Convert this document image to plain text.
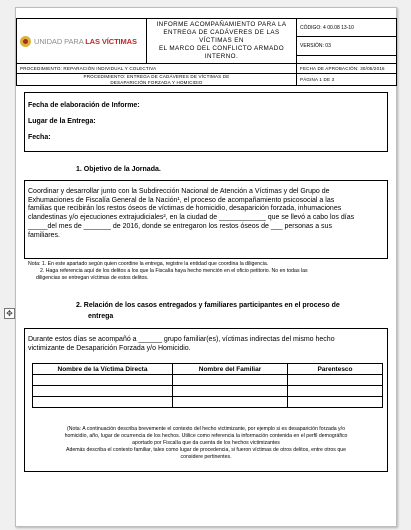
UNIDAD PARA LAS VÍCTIMAS	INFORME ACOMPAÑAMIENTO PARA LA
ENTREGA DE CADÁVERES DE LAS VÍCTIMAS EN
EL MARCO DEL CONFLICTO ARMADO INTERNO.	CÓDIGO: 4 00.08 13-10
		VERSIÓN: 03

PROCEDIMIENTO: REPARACIÓN INDIVIDUAL Y COLECTIVA		FECHA DE APROBACIÓN: 30/05/2016
PROCEDIMIENTO: ENTREGA DE CADÁVERES DE VÍCTIMAS DE
DESAPARICIÓN FORZADA Y HOMICIDIO		PÁGINA 1 DE 3
Fecha de elaboración de Informe:
Lugar de la Entrega:
Fecha:
1. Objetivo de la Jornada.
Coordinar y desarrollar junto con la Subdirección Nacional de Atención a Víctimas y del Grupo de
Exhumaciones de Fiscalía General de la Nación¹, el proceso de acompañamiento psicosocial a las
familias que recibirán los restos óseos de víctimas de homicidio, desaparición forzada, inhumaciones
clandestinas y/o ejecuciones extrajudiciales², en la ciudad de ____________ que se llevó a cabo los días
_____del mes de _______ de 2016, donde se entregaron los restos óseos de ___ personas a sus
familiares.
Nota: 1. En este apartado según quien coordine la entrega, registre la entidad que coordina la diligencia.
2. Haga referencia aquí de los delitos a los que la Fiscalía haya hecho mención en el oficio petitorio. No en todas las
diligencias se entregan víctimas de estos delitos.
2. Relación de los casos entregados y familiares participantes en el proceso de
entrega
Durante estos días se acompañó a ______ grupo familiar(es), víctimas indirectas del mismo hecho
victimizante de Desaparición Forzada y/o Homicidio.
Nombre de la Víctima Directa	Nombre del Familiar	Parentesco

(Nota: A continuación describa brevemente el contexto del hecho victimizante, por ejemplo si es desaparición forzada y/o
homicidio, año, lugar de ocurrencia de los hechos. Utilice como referencia la información contenida en el perfil demográfico
aportado por Fiscalía que da cuenta de los hechos victimizantes
Además describa el contexto familiar, tales como lugar de procedencia, si fueron víctimas de otros delitos, entre otros que
considere pertinentes.
✥
